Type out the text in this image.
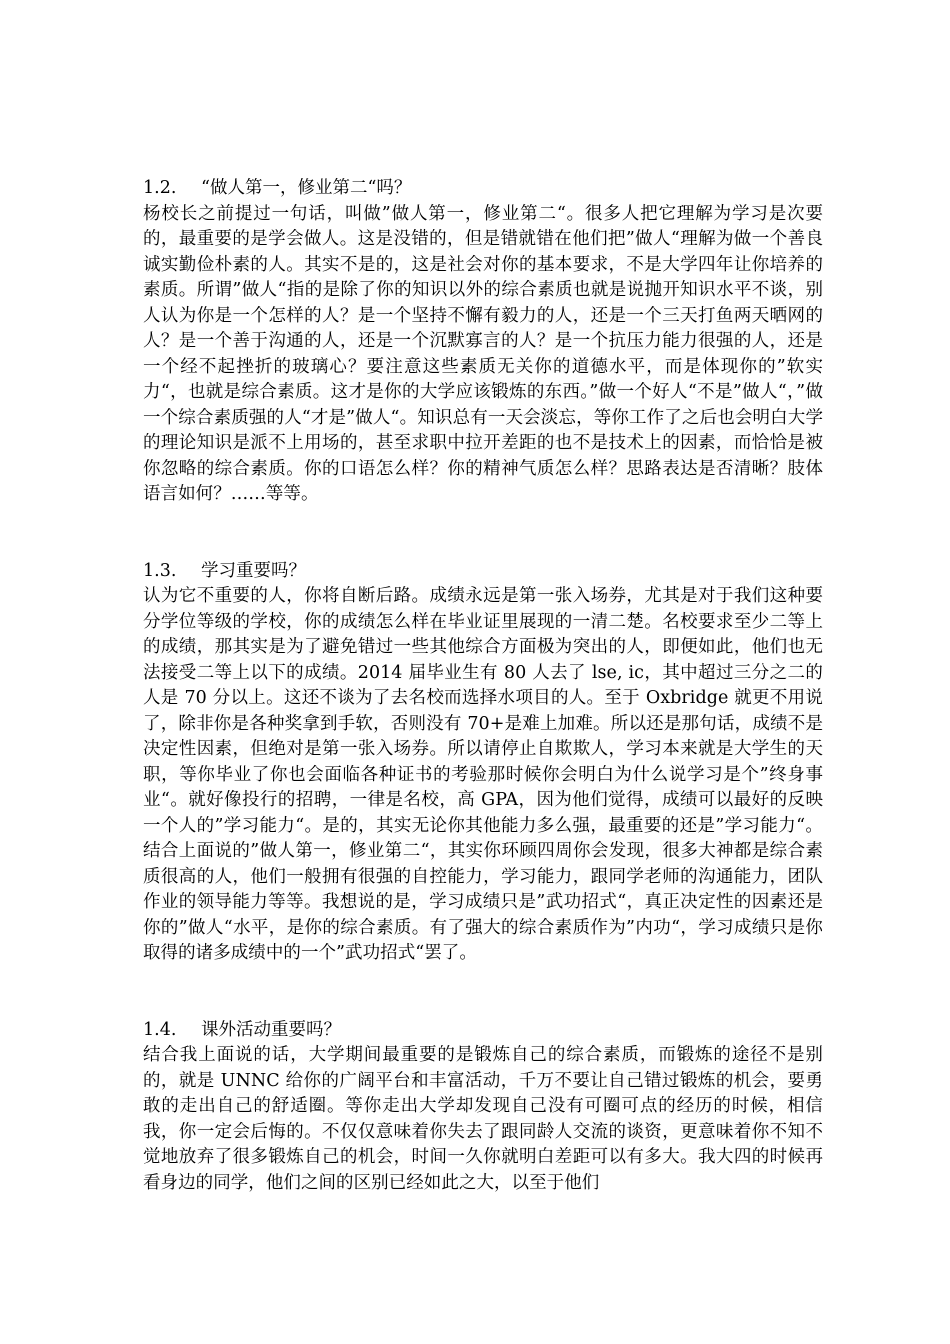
1.2.	“做人第一，修业第二“吗？
杨校长之前提过一句话，叫做”做人第一，修业第二“。很多人把它理解为学习是次要的，最重要的是学会做人。这是没错的，但是错就错在他们把”做人“理解为做一个善良诚实勤俭朴素的人。其实不是的，这是社会对你的基本要求，不是大学四年让你培养的素质。所谓”做人“指的是除了你的知识以外的综合素质也就是说抛开知识水平不谈，别人认为你是一个怎样的人？是一个坚持不懈有毅力的人，还是一个三天打鱼两天晒网的人？是一个善于沟通的人，还是一个沉默寡言的人？是一个抗压力能力很强的人，还是一个经不起挫折的玻璃心？要注意这些素质无关你的道德水平，而是体现你的”软实力“，也就是综合素质。这才是你的大学应该锻炼的东西。”做一个好人“不是”做人“，”做一个综合素质强的人“才是”做人“。知识总有一天会淡忘，等你工作了之后也会明白大学的理论知识是派不上用场的，甚至求职中拉开差距的也不是技术上的因素，而恰恰是被你忽略的综合素质。你的口语怎么样？你的精神气质怎么样？思路表达是否清晰？肢体语言如何？……等等。
1.3.	学习重要吗？
认为它不重要的人，你将自断后路。成绩永远是第一张入场券，尤其是对于我们这种要分学位等级的学校，你的成绩怎么样在毕业证里展现的一清二楚。名校要求至少二等上的成绩，那其实是为了避免错过一些其他综合方面极为突出的人，即便如此，他们也无法接受二等上以下的成绩。2014 届毕业生有 80 人去了 lse, ic，其中超过三分之二的人是 70 分以上。这还不谈为了去名校而选择水项目的人。至于 Oxbridge 就更不用说了，除非你是各种奖拿到手软，否则没有 70+是难上加难。所以还是那句话，成绩不是决定性因素，但绝对是第一张入场券。所以请停止自欺欺人，学习本来就是大学生的天职，等你毕业了你也会面临各种证书的考验那时候你会明白为什么说学习是个”终身事业“。就好像投行的招聘，一律是名校，高 GPA，因为他们觉得，成绩可以最好的反映一个人的”学习能力“。是的，其实无论你其他能力多么强，最重要的还是”学习能力“。结合上面说的”做人第一，修业第二“，其实你环顾四周你会发现，很多大神都是综合素质很高的人，他们一般拥有很强的自控能力，学习能力，跟同学老师的沟通能力，团队作业的领导能力等等。我想说的是，学习成绩只是”武功招式“，真正决定性的因素还是你的”做人“水平，是你的综合素质。有了强大的综合素质作为”内功“，学习成绩只是你取得的诸多成绩中的一个”武功招式“罢了。
1.4.	课外活动重要吗？
结合我上面说的话，大学期间最重要的是锻炼自己的综合素质，而锻炼的途径不是别的，就是 UNNC 给你的广阔平台和丰富活动，千万不要让自己错过锻炼的机会，要勇敢的走出自己的舒适圈。等你走出大学却发现自己没有可圈可点的经历的时候，相信我，你一定会后悔的。不仅仅意味着你失去了跟同龄人交流的谈资，更意味着你不知不觉地放弃了很多锻炼自己的机会，时间一久你就明白差距可以有多大。我大四的时候再看身边的同学，他们之间的区别已经如此之大，以至于他们
